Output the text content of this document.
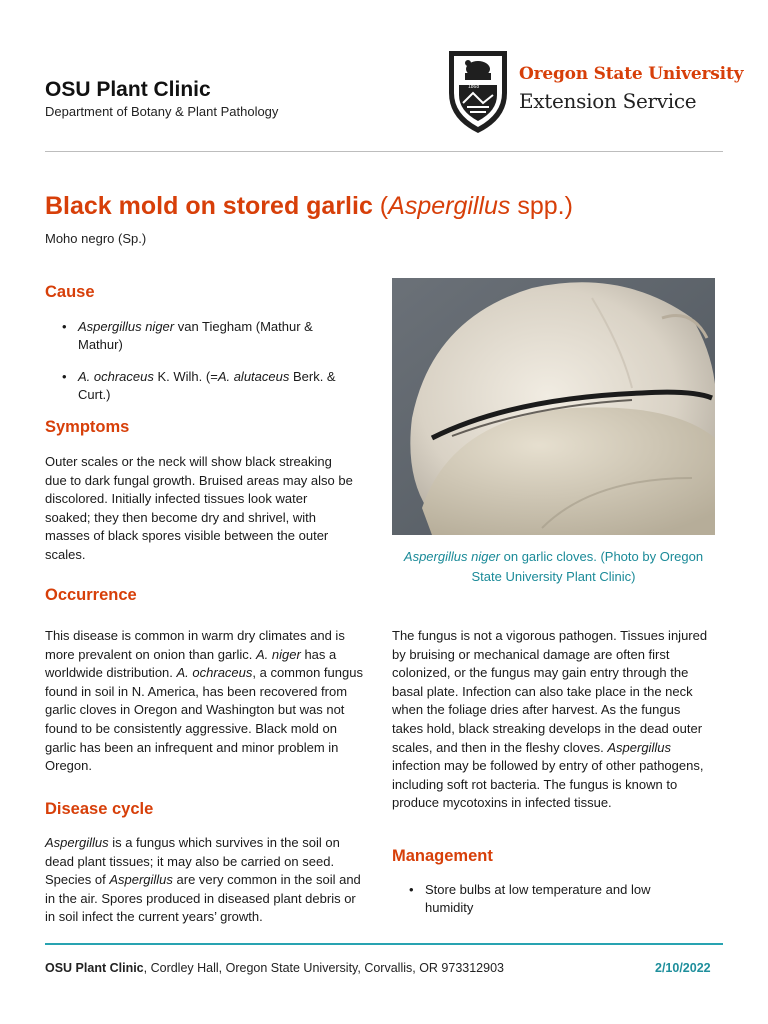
OSU Plant Clinic
Department of Botany & Plant Pathology
1868
Oregon State University
Extension Service
Black mold on stored garlic (Aspergillus spp.)
Moho negro (Sp.)
Cause
• Aspergillus niger van Tiegham (Mathur & Mathur)
• A. ochraceus K. Wilh. (=A. alutaceus Berk. & Curt.)
Symptoms

Outer scales or the neck will show black streaking due to dark fungal growth. Bruised areas may also be discolored. Initially infected tissues look water soaked; they then become dry and shrivel, with masses of black spores visible between the outer scales.

Occurrence

This disease is common in warm dry climates and is more prevalent on onion than garlic. A. niger has a worldwide distribution. A. ochraceus, a common fungus found in soil in N. America, has been recovered from garlic cloves in Oregon and Washington but was not found to be consistently aggressive. Black mold on garlic has been an infrequent and minor problem in Oregon.

Disease cycle

Aspergillus is a fungus which survives in the soil on dead plant tissues; it may also be carried on seed. Species of Aspergillus are very common in the soil and in the air. Spores produced in diseased plant debris or in soil infect the current years’ growth.

Aspergillus niger on garlic cloves. (Photo by Oregon State University Plant Clinic)

The fungus is not a vigorous pathogen. Tissues injured by bruising or mechanical damage are often first colonized, or the fungus may gain entry through the basal plate. Infection can also take place in the neck when the foliage dries after harvest. As the fungus takes hold, black streaking develops in the dead outer scales, and then in the fleshy cloves. Aspergillus infection may be followed by entry of other pathogens, including soft rot bacteria. The fungus is known to produce mycotoxins in infected tissue.

Management
• Store bulbs at low temperature and low humidity
OSU Plant Clinic, Cordley Hall, Oregon State University, Corvallis, OR 973312903	2/10/2022
